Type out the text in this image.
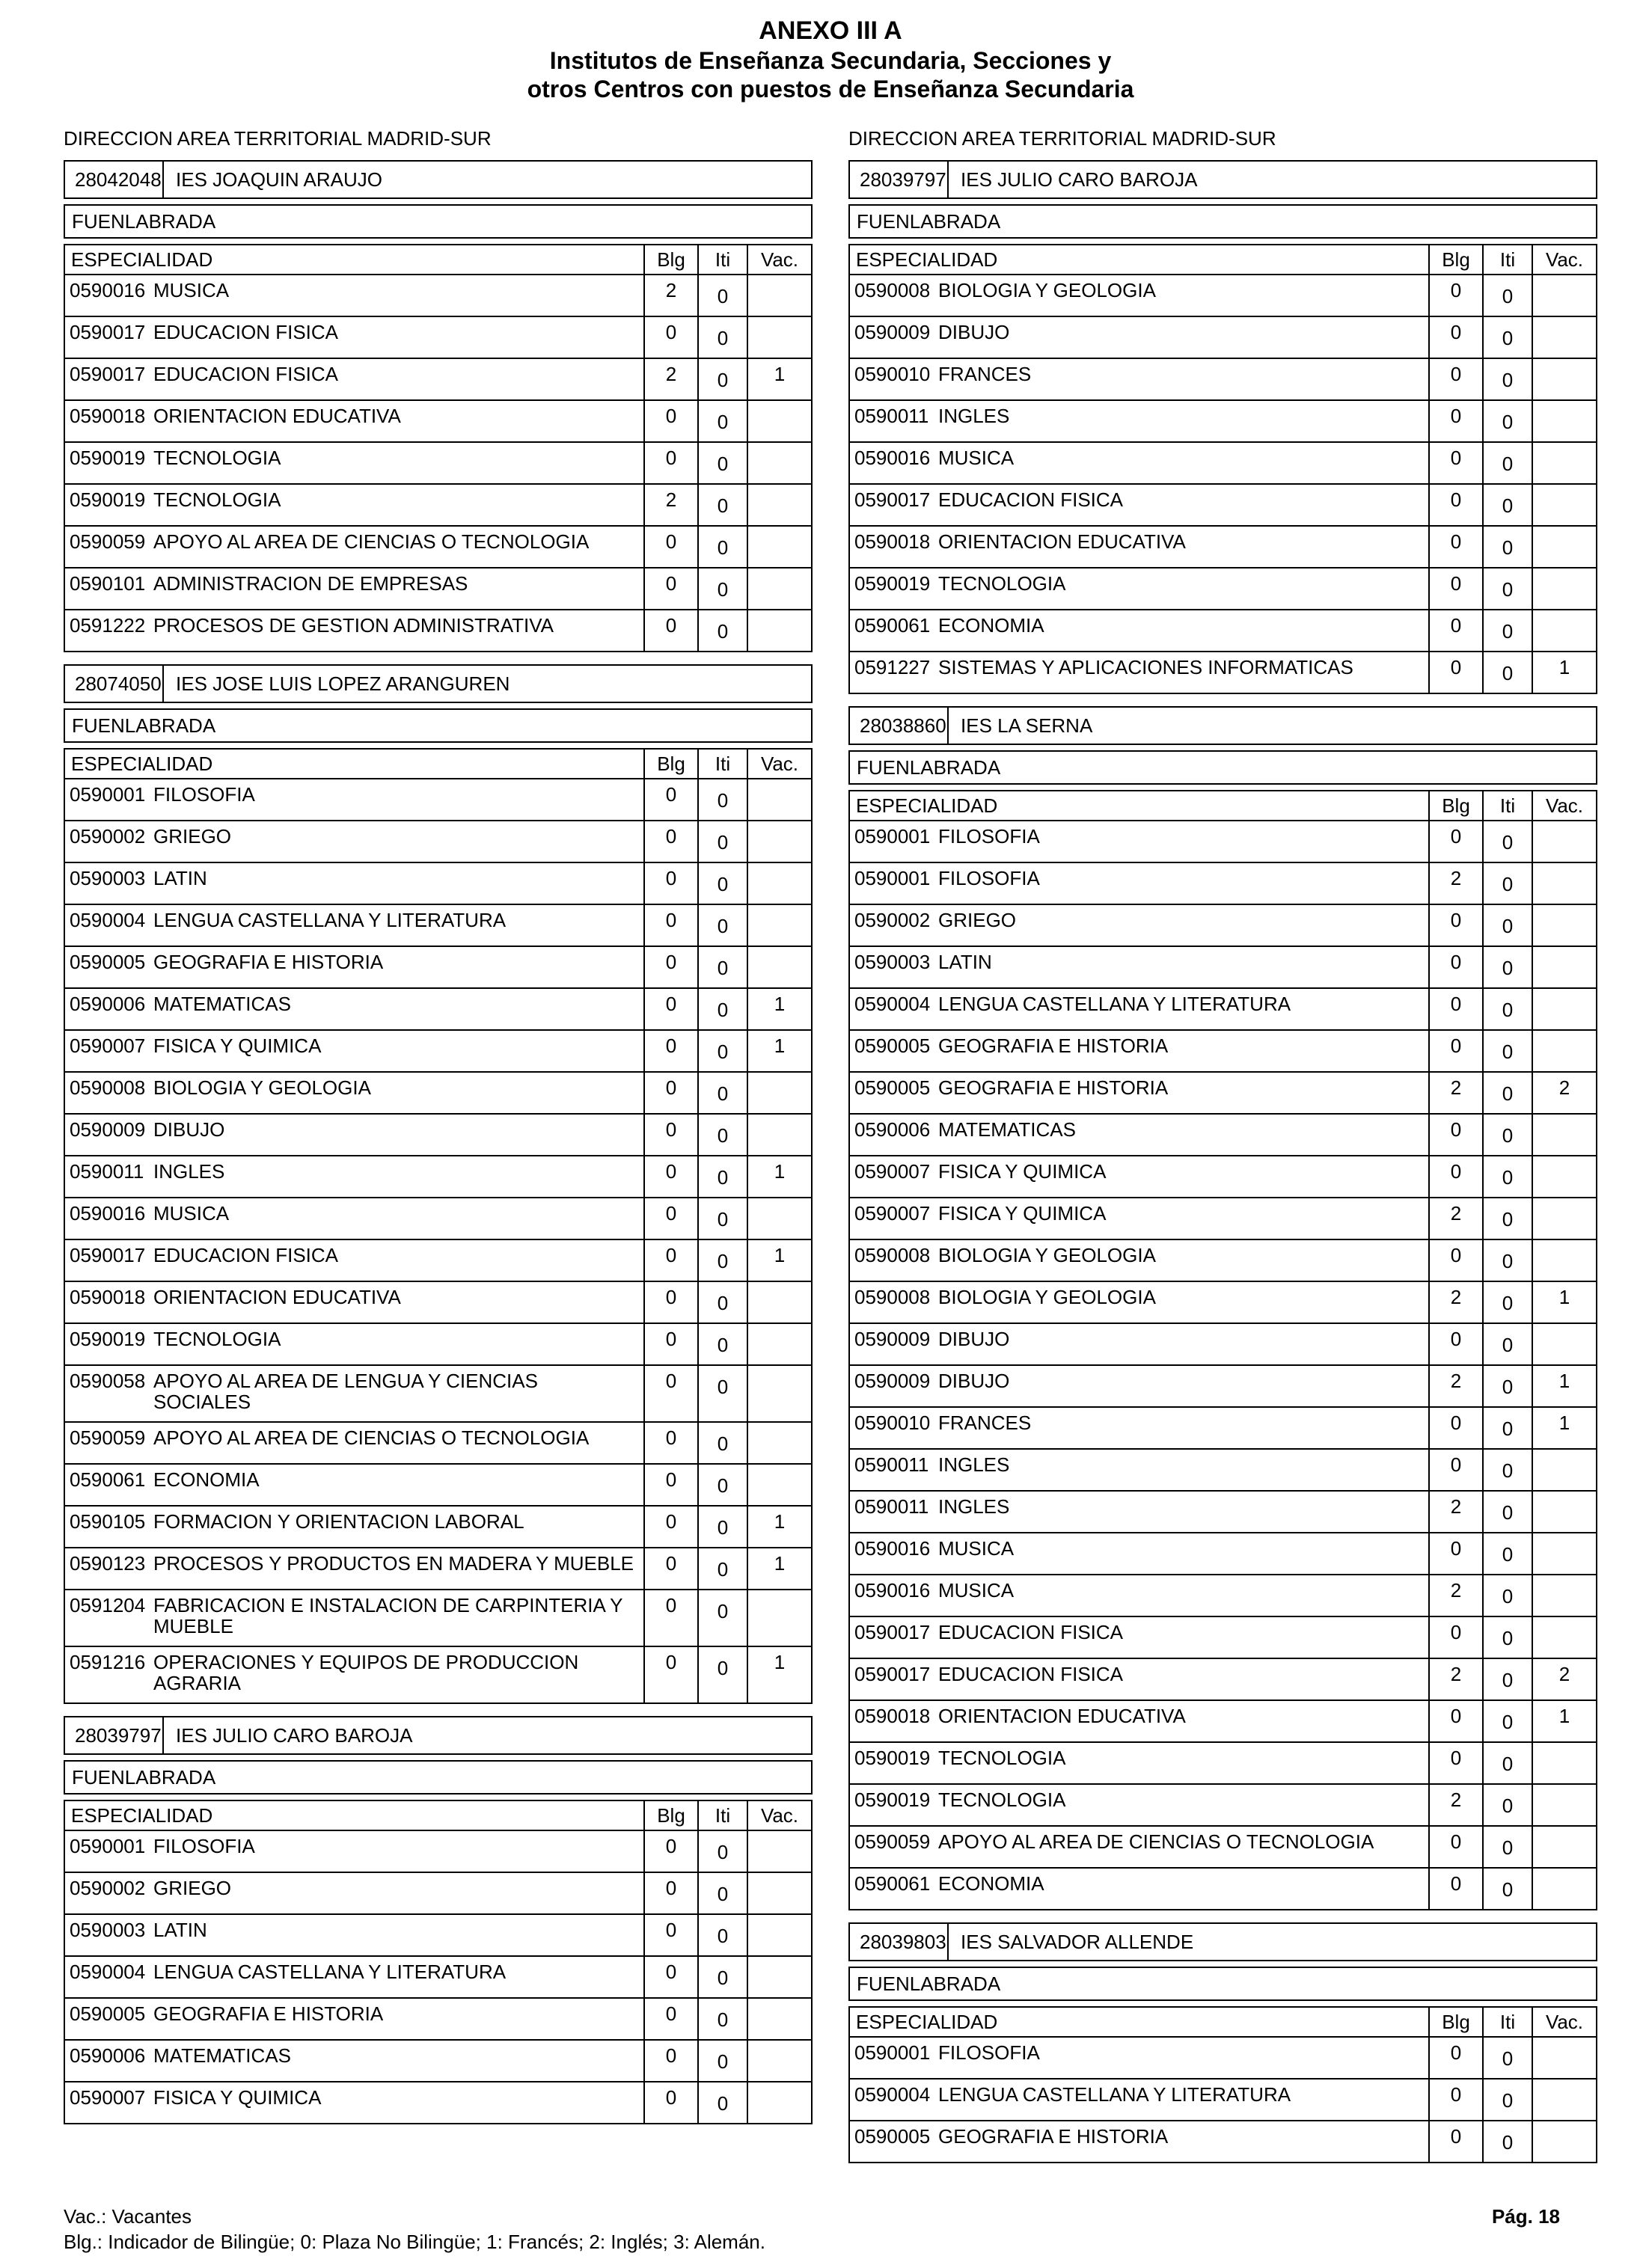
ANEXO III A
Institutos de Enseñanza Secundaria, Secciones y
otros Centros con puestos de Enseñanza Secundaria
DIRECCION AREA TERRITORIAL MADRID-SUR
28042048 IES JOAQUIN ARAUJO
FUENLABRADA
ESPECIALIDAD	Blg	Iti	Vac.

0590016 MUSICA	2	0	

0590017 EDUCACION FISICA	0	0	

0590017 EDUCACION FISICA	2	0	1

0590018 ORIENTACION EDUCATIVA	0	0	

0590019 TECNOLOGIA	0	0	

0590019 TECNOLOGIA	2	0	

0590059 APOYO AL AREA DE CIENCIAS O TECNOLOGIA	0	0	

0590101 ADMINISTRACION DE EMPRESAS	0	0	

0591222 PROCESOS DE GESTION ADMINISTRATIVA	0	0	
28074050 IES JOSE LUIS LOPEZ ARANGUREN
FUENLABRADA
ESPECIALIDAD	Blg	Iti	Vac.

0590001 FILOSOFIA	0	0	

0590002 GRIEGO	0	0	

0590003 LATIN	0	0	

0590004 LENGUA CASTELLANA Y LITERATURA	0	0	

0590005 GEOGRAFIA E HISTORIA	0	0	

0590006 MATEMATICAS	0	0	1

0590007 FISICA Y QUIMICA	0	0	1

0590008 BIOLOGIA Y GEOLOGIA	0	0	

0590009 DIBUJO	0	0	

0590011 INGLES	0	0	1

0590016 MUSICA	0	0	

0590017 EDUCACION FISICA	0	0	1

0590018 ORIENTACION EDUCATIVA	0	0	

0590019 TECNOLOGIA	0	0	

0590058 APOYO AL AREA DE LENGUA Y CIENCIAS SOCIALES	0	0	

0590059 APOYO AL AREA DE CIENCIAS O TECNOLOGIA	0	0	

0590061 ECONOMIA	0	0	

0590105 FORMACION Y ORIENTACION LABORAL	0	0	1

0590123 PROCESOS Y PRODUCTOS EN MADERA Y MUEBLE	0	0	1

0591204 FABRICACION E INSTALACION DE CARPINTERIA Y MUEBLE	0	0	

0591216 OPERACIONES Y EQUIPOS DE PRODUCCION AGRARIA	0	0	1
28039797 IES JULIO CARO BAROJA
FUENLABRADA
ESPECIALIDAD	Blg	Iti	Vac.

0590001 FILOSOFIA	0	0	

0590002 GRIEGO	0	0	

0590003 LATIN	0	0	

0590004 LENGUA CASTELLANA Y LITERATURA	0	0	

0590005 GEOGRAFIA E HISTORIA	0	0	

0590006 MATEMATICAS	0	0	

0590007 FISICA Y QUIMICA	0	0	
DIRECCION AREA TERRITORIAL MADRID-SUR
28039797 IES JULIO CARO BAROJA
FUENLABRADA
ESPECIALIDAD	Blg	Iti	Vac.

0590008 BIOLOGIA Y GEOLOGIA	0	0	

0590009 DIBUJO	0	0	

0590010 FRANCES	0	0	

0590011 INGLES	0	0	

0590016 MUSICA	0	0	

0590017 EDUCACION FISICA	0	0	

0590018 ORIENTACION EDUCATIVA	0	0	

0590019 TECNOLOGIA	0	0	

0590061 ECONOMIA	0	0	

0591227 SISTEMAS Y APLICACIONES INFORMATICAS	0	0	1
28038860 IES LA SERNA
FUENLABRADA
ESPECIALIDAD	Blg	Iti	Vac.

0590001 FILOSOFIA	0	0	

0590001 FILOSOFIA	2	0	

0590002 GRIEGO	0	0	

0590003 LATIN	0	0	

0590004 LENGUA CASTELLANA Y LITERATURA	0	0	

0590005 GEOGRAFIA E HISTORIA	0	0	

0590005 GEOGRAFIA E HISTORIA	2	0	2

0590006 MATEMATICAS	0	0	

0590007 FISICA Y QUIMICA	0	0	

0590007 FISICA Y QUIMICA	2	0	

0590008 BIOLOGIA Y GEOLOGIA	0	0	

0590008 BIOLOGIA Y GEOLOGIA	2	0	1

0590009 DIBUJO	0	0	

0590009 DIBUJO	2	0	1

0590010 FRANCES	0	0	1

0590011 INGLES	0	0	

0590011 INGLES	2	0	

0590016 MUSICA	0	0	

0590016 MUSICA	2	0	

0590017 EDUCACION FISICA	0	0	

0590017 EDUCACION FISICA	2	0	2

0590018 ORIENTACION EDUCATIVA	0	0	1

0590019 TECNOLOGIA	0	0	

0590019 TECNOLOGIA	2	0	

0590059 APOYO AL AREA DE CIENCIAS O TECNOLOGIA	0	0	

0590061 ECONOMIA	0	0	
28039803 IES SALVADOR ALLENDE
FUENLABRADA
ESPECIALIDAD	Blg	Iti	Vac.

0590001 FILOSOFIA	0	0	

0590004 LENGUA CASTELLANA Y LITERATURA	0	0	

0590005 GEOGRAFIA E HISTORIA	0	0	
Vac.: Vacantes
Blg.: Indicador de Bilingüe; 0: Plaza No Bilingüe; 1: Francés; 2: Inglés; 3: Alemán.
Pág. 18
